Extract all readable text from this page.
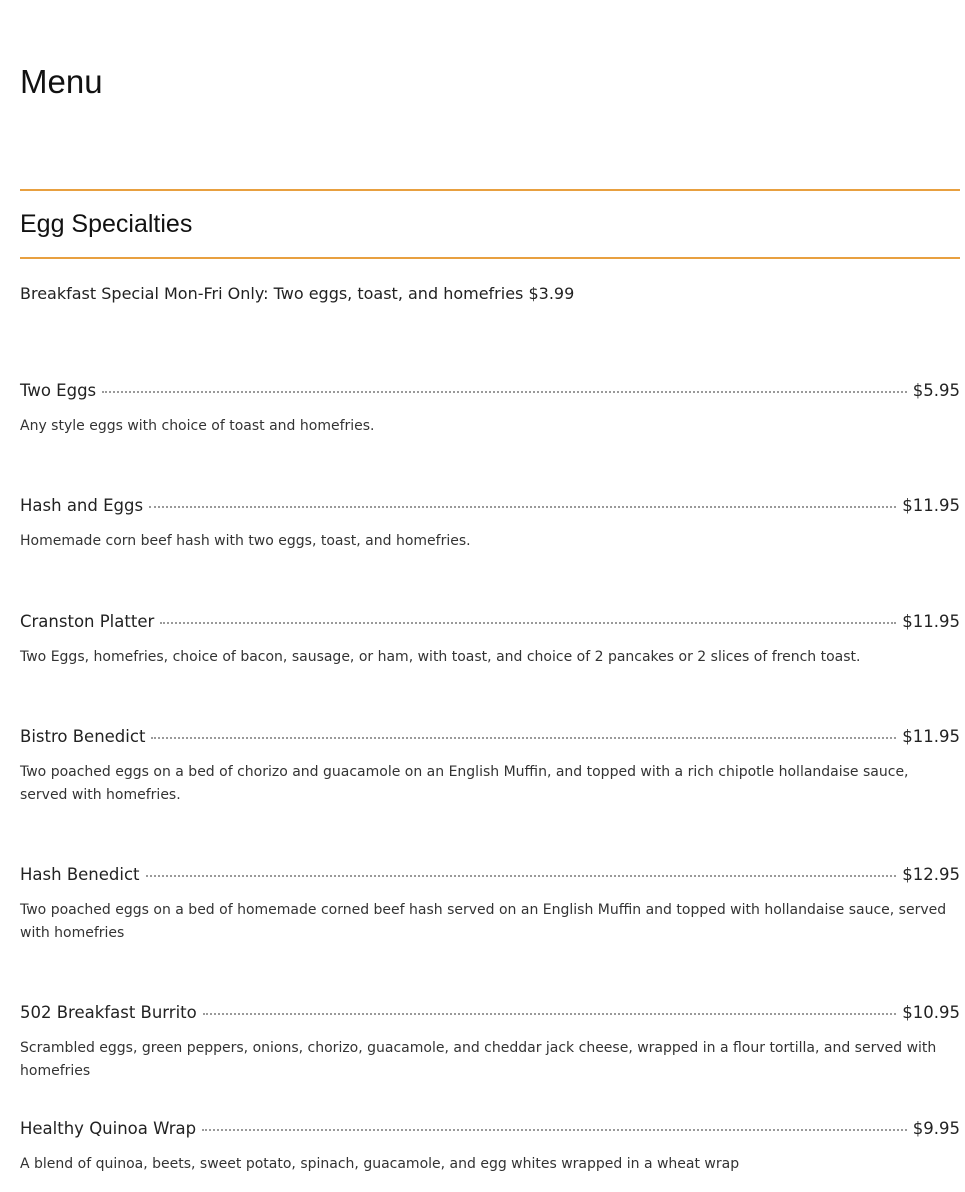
Menu
Egg Specialties

Breakfast Special Mon-Fri Only: Two eggs, toast, and homefries $3.99

Two Eggs	$5.95

Any style eggs with choice of toast and homefries.

Hash and Eggs	$11.95

Homemade corn beef hash with two eggs, toast, and homefries.

Cranston Platter	$11.95

Two Eggs, homefries, choice of bacon, sausage, or ham, with toast, and choice of 2 pancakes or 2 slices of french toast.

Bistro Benedict	$11.95

Two poached eggs on a bed of chorizo and guacamole on an English Muffin, and topped with a rich chipotle hollandaise sauce, served with homefries.

Hash Benedict	$12.95

Two poached eggs on a bed of homemade corned beef hash served on an English Muffin and topped with hollandaise sauce, served with homefries

502 Breakfast Burrito	$10.95

Scrambled eggs, green peppers, onions, chorizo, guacamole, and cheddar jack cheese, wrapped in a flour tortilla, and served with homefries

Healthy Quinoa Wrap	$9.95

A blend of quinoa, beets, sweet potato, spinach, guacamole, and egg whites wrapped in a wheat wrap
